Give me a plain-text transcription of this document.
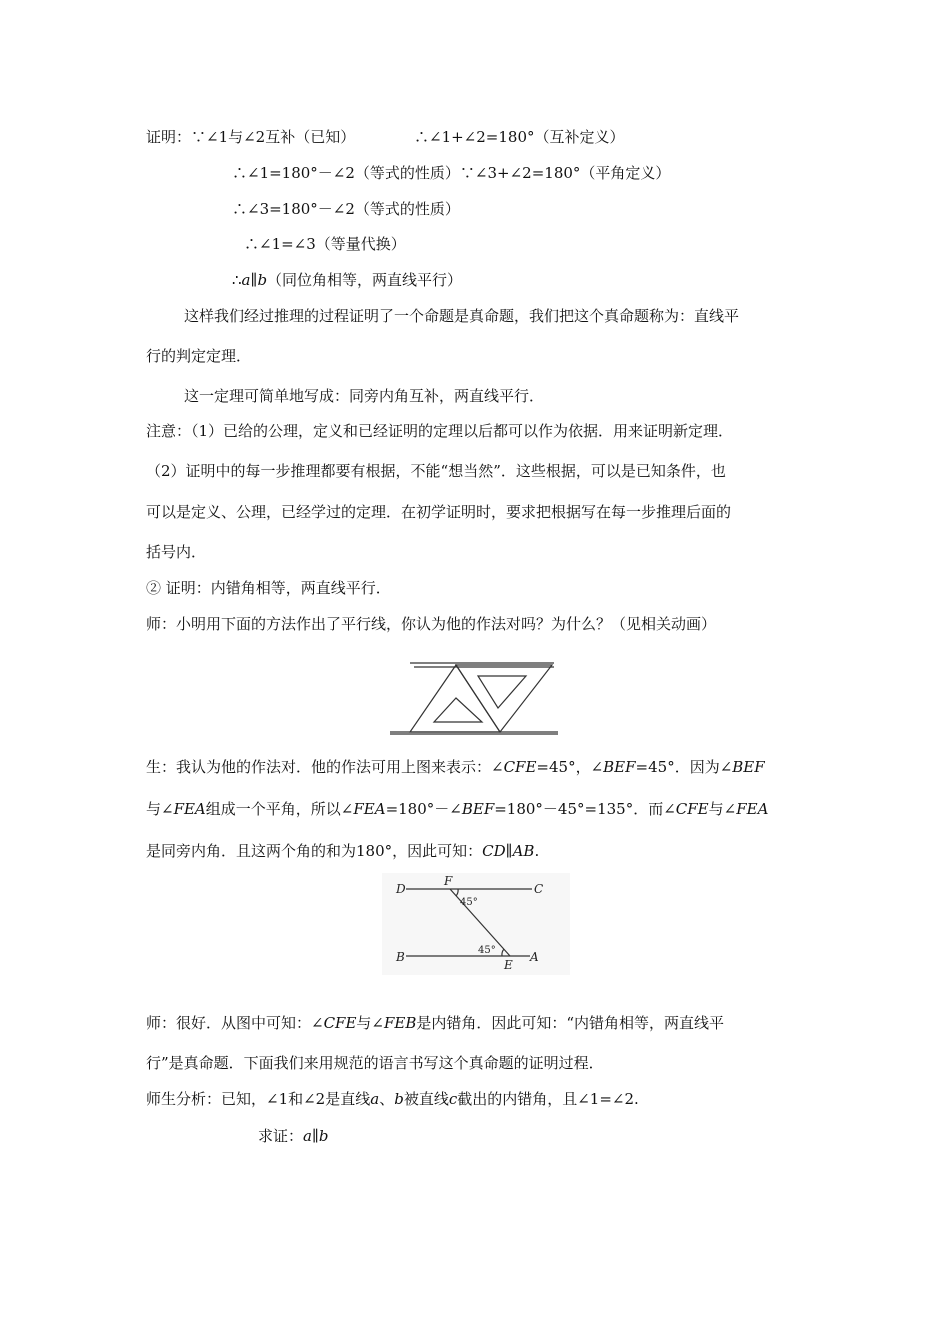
证明：∵∠1与∠2互补（已知）	∴∠1+∠2=180°（互补定义）
∴∠1=180°－∠2（等式的性质）∵∠3+∠2=180°（平角定义）
∴∠3=180°－∠2（等式的性质）
∴∠1=∠3（等量代换）
∴a∥b（同位角相等，两直线平行）
这样我们经过推理的过程证明了一个命题是真命题，我们把这个真命题称为：直线平
行的判定定理．
这一定理可简单地写成：同旁内角互补，两直线平行．
注意：（1）已给的公理，定义和已经证明的定理以后都可以作为依据．用来证明新定理．
（2）证明中的每一步推理都要有根据，不能“想当然”．这些根据，可以是已知条件，也
可以是定义、公理，已经学过的定理．在初学证明时，要求把根据写在每一步推理后面的
括号内．
② 证明：内错角相等，两直线平行．
师：小明用下面的方法作出了平行线，你认为他的作法对吗？为什么？（见相关动画）
生：我认为他的作法对．他的作法可用上图来表示：∠CFE=45°，∠BEF=45°．因为∠BEF
与∠FEA组成一个平角，所以∠FEA=180°－∠BEF=180°－45°=135°．而∠CFE与∠FEA
是同旁内角．且这两个角的和为180°，因此可知：CD∥AB.
D
F
C
45°
45°
B
E
A
师：很好．从图中可知：∠CFE与∠FEB是内错角．因此可知：“内错角相等，两直线平
行”是真命题．下面我们来用规范的语言书写这个真命题的证明过程．
师生分析：已知，∠1和∠2是直线a、b被直线c截出的内错角，且∠1=∠2.
求证：a∥b
